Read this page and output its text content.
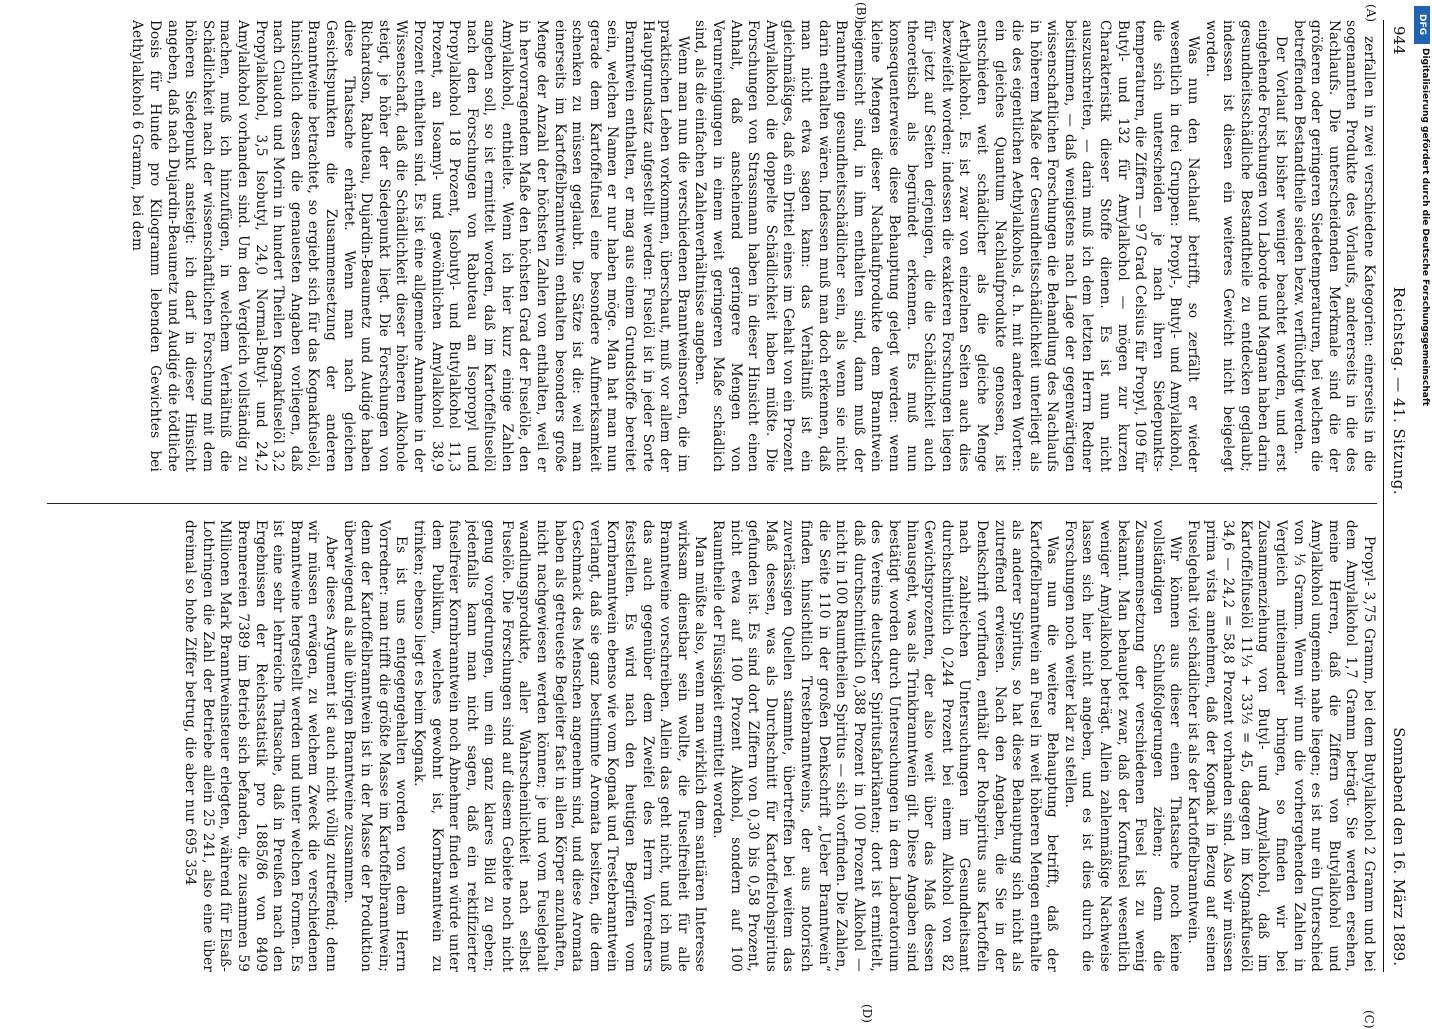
944
Reichstag. — 41. Sitzung.
Sonnabend den 16. März 1889.
(A)
(B)
(C)
(D)

zerfallen in zwei verschiedene Kategorien: einerseits in die sogenannten Produkte des Vorlaufs, andererseits in die des Nachlaufs. Die unterscheidenden Merkmale sind die der größeren oder geringeren Siedetemperaturen, bei welchen die betreffenden Bestandtheile sieden bezw. verflüchtigt werden.

Der Vorlauf ist bisher weniger beachtet worden, und erst eingehende Forschungen von Laborde und Magnan haben darin gesundheitsschädliche Bestandtheile zu entdecken geglaubt; indessen ist diesen ein weiteres Gewicht nicht beigelegt worden.

Was nun den Nachlauf betrifft, so zerfällt er wieder wesentlich in drei Gruppen: Propyl-, Butyl- und Amylalkohol, die sich unterscheiden je nach ihren Siedepunkts-temperaturen, die Ziffern — 97 Grad Celsius für Propyl, 109 für Butyl- und 132 für Amylalkohol — mögen zur kurzen Charakteristik dieser Stoffe dienen. Es ist nun nicht auszuschreiten, — darin muß ich dem letzten Herrn Redner beistimmen, — daß wenigstens nach Lage der gegenwärtigen wissenschaftlichen Forschungen die Behandlung des Nachlaufs in höherem Maße der Gesundheitsschädlichkeit unterliegt als die des eigentlichen Aethylalkohols, d. h. mit anderen Worten: ein gleiches Quantum Nachlaufprodukte genossen, ist entschieden weit schädlicher als die gleiche Menge Aethylalkohol. Es ist zwar von einzelnen Seiten auch dies bezweifelt worden; indessen die exakteren Forschungen liegen für jetzt auf Seiten derjenigen, die die Schädlichkeit auch theoretisch als begründet erkennen. Es muß nun konsequenterweise diese Behauptung gelegt werden: wenn kleine Mengen dieser Nachlaufprodukte dem Branntwein beigemischt sind, in ihm enthalten sind, dann muß der Branntwein gesundheitsschädlicher sein, als wenn sie nicht darin enthalten wären. Indessen muß man doch erkennen, daß man nicht etwa sagen kann: das Verhältniß ist ein gleichmäßiges, daß ein Drittel eines im Gehalt von ein Prozent Amylalkohol die doppelte Schädlichkeit haben müßte. Die Forschungen von Strassmann haben in dieser Hinsicht einen Anhalt, daß anscheinend geringere Mengen von Verunreinigungen in einem weit geringeren Maße schädlich sind, als die einfachen Zahlenverhältnisse angeben.

Wenn man nun die verschiedenen Branntweinsorten, die im praktischen Leben vorkommen, überschaut, muß vor allem der Hauptgrundsatz aufgestellt werden: Fuselöl ist in jeder Sorte Branntwein enthalten, er mag aus einem Grundstoffe bereitet sein, welchen Namen er nur haben möge. Man hat man nun gerade dem Kartoffelfusel eine besondere Aufmerksamkeit schenken zu müssen geglaubt. Die Sätze ist die: weil man einerseits im Kartoffelbranntwein enthalten besonders große Menge der Anzahl der höchsten Zahlen von enthalten, weil er in hervorragendem Maße den höchsten Grad der Fuselöle, den Amylalkohol, enthielte. Wenn ich hier kurz einige Zahlen angeben soll, so ist ermittelt worden, daß im Kartoffelfuselöl nach den Forschungen von Rabuteau an Isopropyl und Propylalkohol 18 Prozent, Isobutyl- und Butylalkohol 11,3 Prozent, an Isoamyl- und gewöhnlichen Amylalkohol 38,9 Prozent enthalten sind. Es ist eine allgemeine Annahme in der Wissenschaft, daß die Schädlichkeit dieser höheren Alkohole steigt, je höher der Siedepunkt liegt. Die Forschungen von Richardson, Rabuteau, Dujardin-Beaumetz und Audigé haben diese Thatsache erhärtet. Wenn man nach gleichen Gesichtspunkten die Zusammensetzung der anderen Branntweine betrachtet, so ergiebt sich für das Kognakfuselöl, hinsichtlich dessen die genauesten Angaben vorliegen, daß nach Claudon und Morin in hundert Theilen Kognakfuselöl 3,2 Propylalkohol, 3,5 Isobutyl, 24,0 Normal-Butyl- und 24,2 Amylalkohol vorhanden sind. Um den Vergleich vollständig zu machen, muß ich hinzufügen, in welchem Verhältniß die Schädlichkeit nach der wissenschaftlichen Forschung mit dem höheren Siedepunkt ansteigt: ich darf in dieser Hinsicht angeben, daß nach Dujardin-Beaumetz und Audigé die tödtliche Dosis für Hunde pro Kilogramm lebenden Gewichtes bei Aethylalkohol 6 Gramm, bei dem

Propyl- 3,75 Gramm, bei dem Butylalkohol 2 Gramm und bei dem Amylalkohol 1,7 Gramm beträgt. Sie werden ersehen, meine Herren, daß die Ziffern von Butylalkohol und Amylalkohol ungemein nahe liegen; es ist nur ein Unterschied von ⅓ Gramm. Wenn wir nun die vorhergehenden Zahlen in Vergleich miteinander bringen, so finden wir bei Zusammenziehung von Butyl- und Amylalkohol, daß im Kartoffelfuselöl 11⅓ + 33⅓ = 45, dagegen im Kognakfuselöl 34,6 — 24,2 = 58,8 Prozent vorhanden sind. Also wir müssen prima vista annehmen, daß der Kognak in Bezug auf seinen Fuselgehalt viel schädlicher ist als der Kartoffelbranntwein.

Wir können aus dieser einen Thatsache noch keine vollständigen Schlußfolgerungen ziehen; denn die Zusammensetzung der verschiedenen Fusel ist zu wenig bekannt. Man behauptet zwar, daß der Kornfusel wesentlich weniger Amylalkohol beträgt. Allein zahlenmäßige Nachweise lassen sich hier nicht angeben, und es ist dies durch die Forschungen noch weiter klar zu stellen.

Was nun die weitere Behauptung betrifft, daß der Kartoffelbranntwein an Fusel in weit höheren Mengen enthalte als anderer Spiritus, so hat diese Behauptung sich nicht als zutreffend erwiesen. Nach den Angaben, die Sie in der Denkschrift vorfinden, enthält der Rohspiritus aus Kartoffeln nach zahlreichen Untersuchungen im Gesundheitsamt durchschnittlich 0,244 Prozent bei einem Alkohol von 82 Gewichtsprozenten, der also weit über das Maß dessen hinausgeht, was als Trinkbranntwein gilt. Diese Angaben sind bestätigt worden durch Untersuchungen in dem Laboratorium des Vereins deutscher Spiritusfabrikanten; dort ist ermittelt, daß durchschnittlich 0,388 Prozent in 100 Prozent Alkohol — nicht in 100 Raumtheilen Spiritus — sich vorfinden. Die Zahlen, die Seite 110 in der großen Denkschrift „Ueber Branntwein“ finden hinsichtlich Trestebranntweins, der aus notorisch zuverlässigen Quellen stammte, übertreffen bei weitem das Maß dessen, was als Durchschnitt für Kartoffelrohspiritus gefunden ist. Es sind dort Ziffern von 0,30 bis 0,58 Prozent, nicht etwa auf 100 Prozent Alkohol, sondern auf 100 Raumtheile der Flüssigkeit ermittelt worden.

Man müßte also, wenn man wirklich dem santiären Interesse wirksam dienstbar sein wollte, die Fuselfreiheit für alle Branntweine vorschreiben. Allein das geht nicht, und ich muß das auch gegenüber dem Zweifel des Herrn Vorredners feststellen. Es wird nach den heutigen Begriffen vom Kornbranntwein ebenso wie vom Kognak und Trestebranntwein verlangt, daß sie ganz bestimmte Aromata besitzen, die dem Geschmack des Menschen angenehm sind, und diese Aromata haben als getreueste Begleiter fast in allen Körper anzuhaften, nicht nachgewiesen werden können; je und vom Fuselgehalt wandlungsprodukte, aller Wahrscheinlichkeit nach selbst Fuselöle. Die Forschungen sind auf diesem Gebiete noch nicht genug vorgedrungen, um ein ganz klares Bild zu geben; jedenfalls kann man nicht sagen, daß ein rektifizierter fuselfreier Kornbranntwein noch Abnehmer finden würde unter dem Publikum, welches gewohnt ist, Kornbranntwein zu trinken; ebenso liegt es beim Kognak.

Es ist uns entgegengehalten worden von dem Herrn Vorredner: man trifft die größte Masse im Kartoffelbranntwein; denn der Kartoffelbranntwein ist in der Masse der Produktion überwiegend als alle übrigen Branntweine zusammen.

Aber dieses Argument ist auch nicht völlig zutreffend; denn wir müssen erwägen, zu welchem Zweck die verschiedenen Branntweine hergestellt werden und unter welchen Formen. Es ist eine sehr lehrreiche Thatsache, daß in Preußen nach den Ergebnissen der Reichsstatistik pro 1885/86 von 8409 Brennereien 7389 im Betrieb sich befanden, die zusammen 59 Millionen Mark Branntweinsteuer erlegten, während für Elsaß-Lothringen die Zahl der Betriebe allein 25 241, also eine über dreimal so hohe Ziffer betrug, die aber nur 695 354

DFG
Digitalisierung gefördert durch die Deutsche Forschungsgemeinschaft
